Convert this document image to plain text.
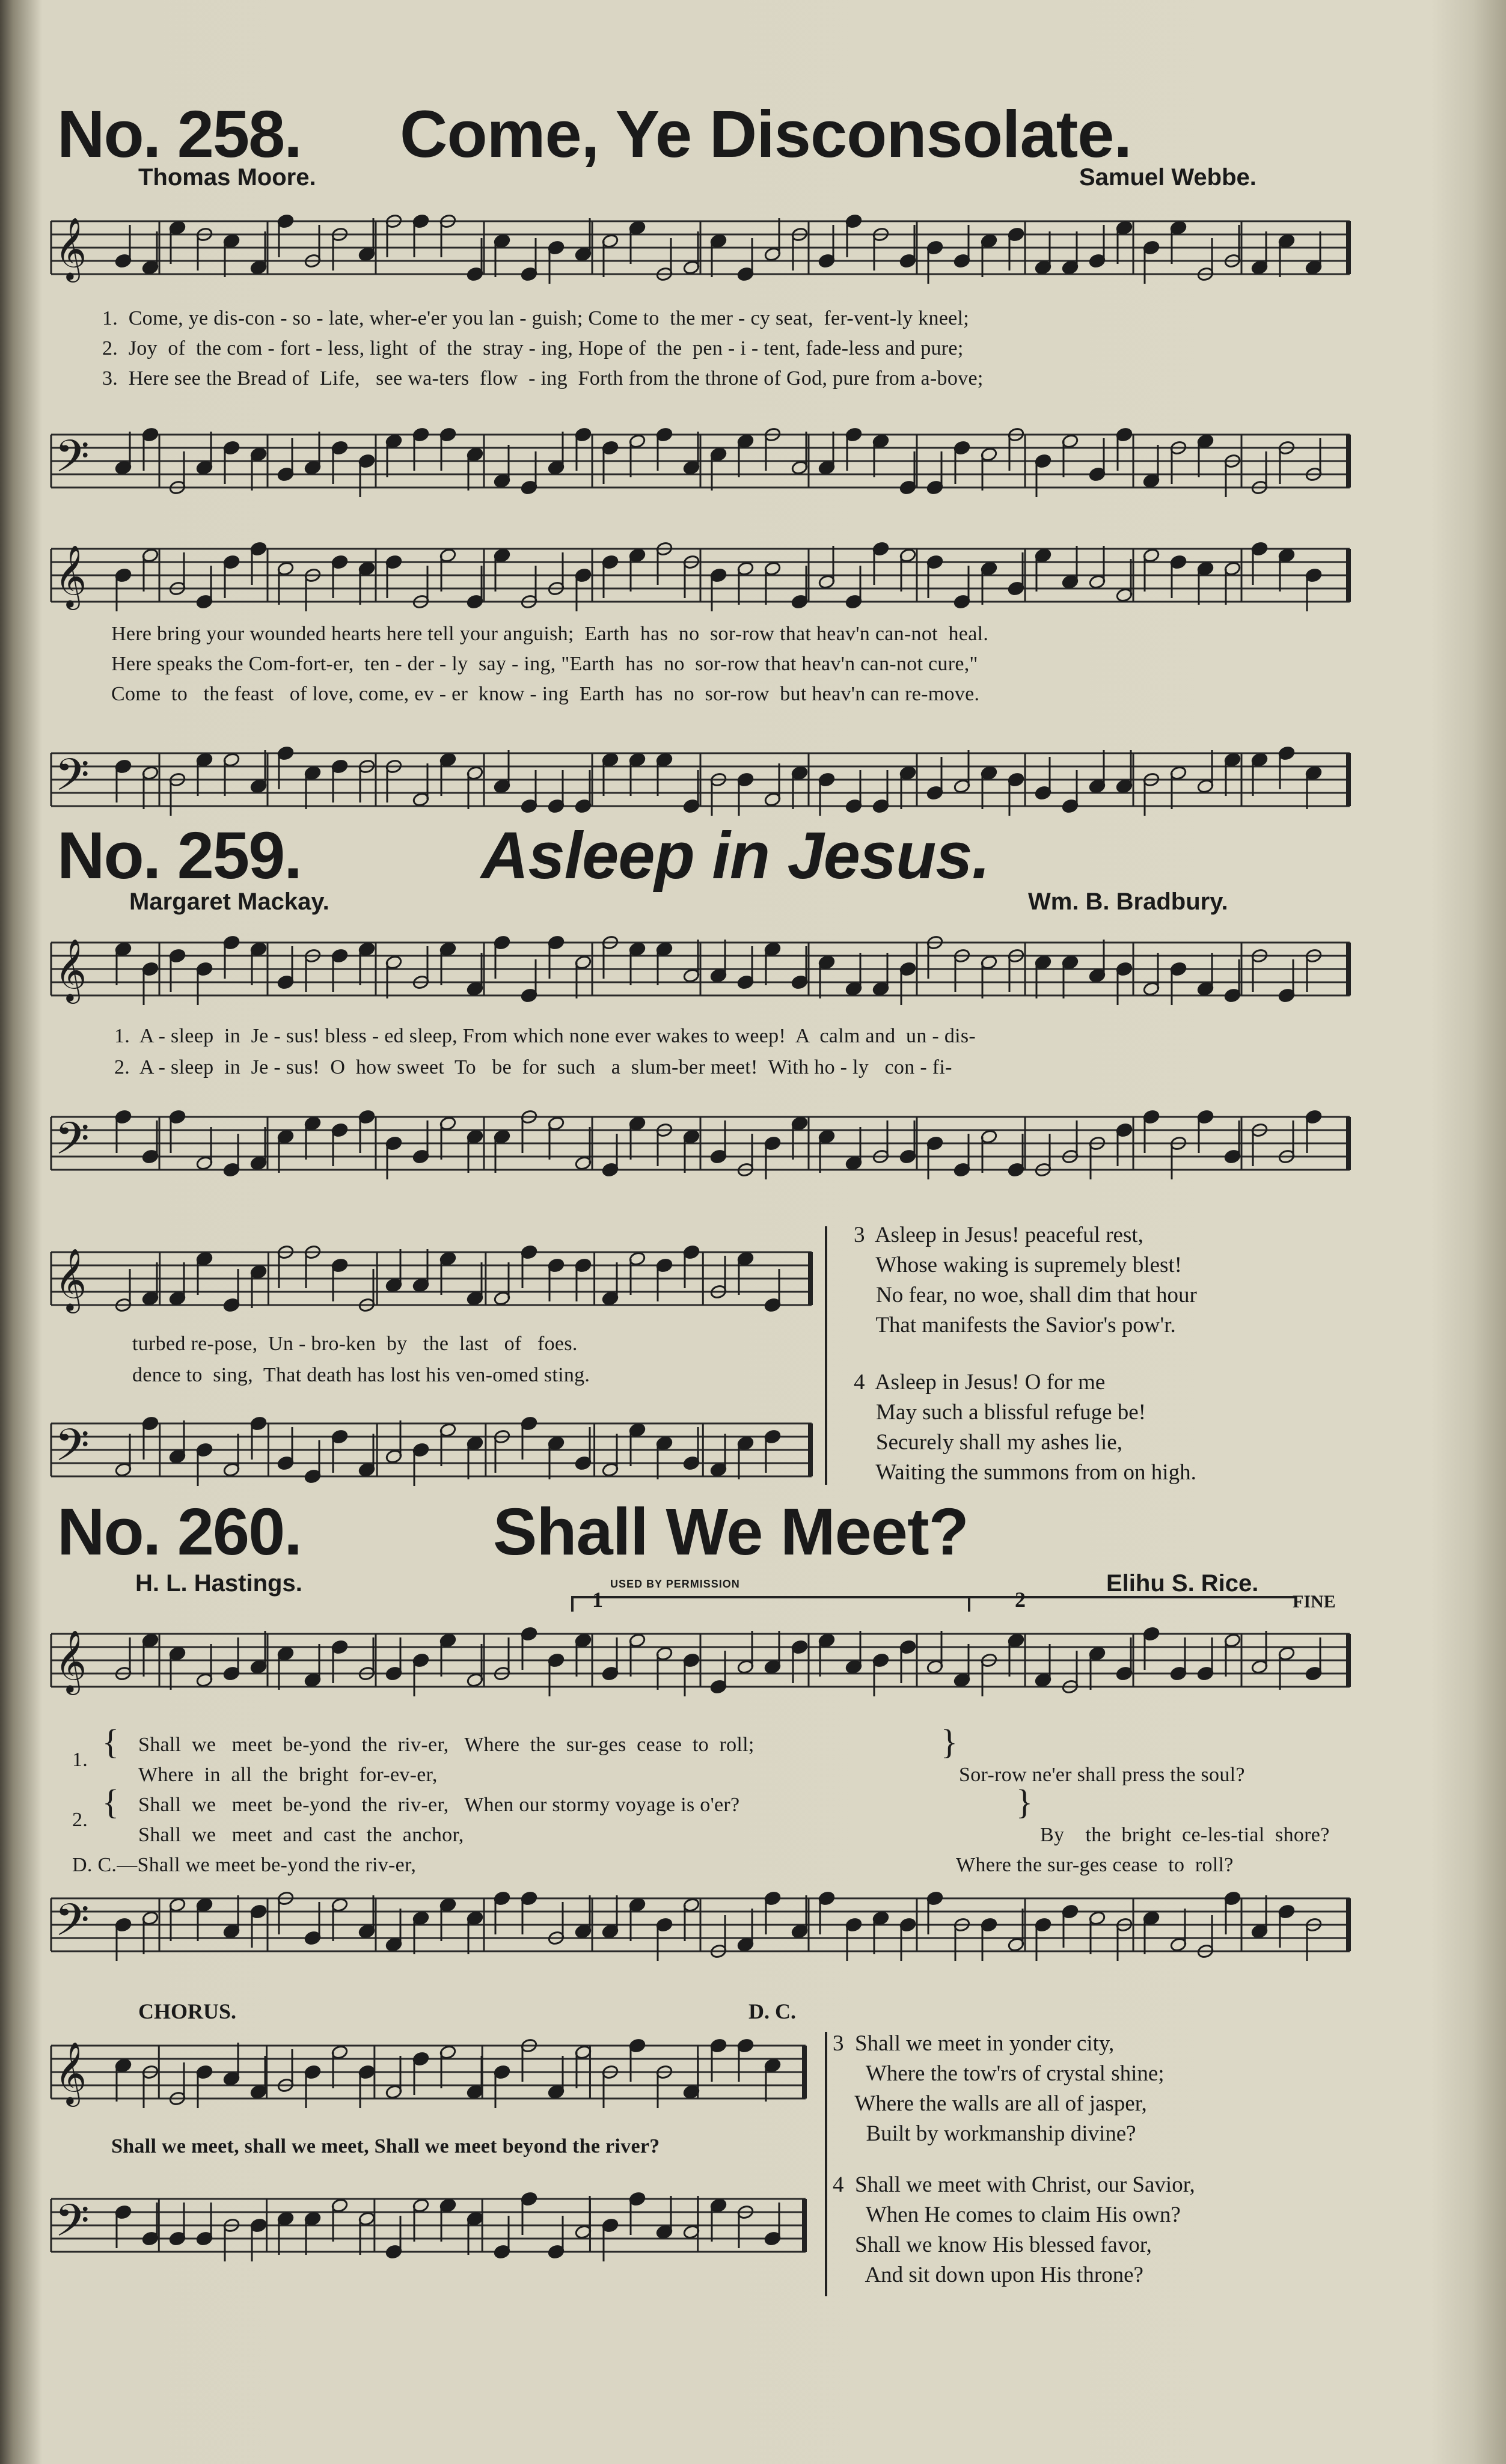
No. 258. Come, Ye Disconsolate.
Thomas Moore.	Samuel Webbe.
𝄞
1.  Come, ye dis-con - so - late, wher-e'er you lan - guish; Come to  the mer - cy seat,  fer-vent-ly kneel;
2.  Joy  of  the com - fort - less, light  of  the  stray - ing, Hope of  the  pen - i - tent, fade-less and pure;
3.  Here see the Bread of  Life,   see wa-ters  flow  - ing  Forth from the throne of God, pure from a-bove;
𝄢
𝄞
Here bring your wounded hearts here tell your anguish;  Earth  has  no  sor-row that heav'n can-not  heal.
Here speaks the Com-fort-er,  ten - der - ly  say - ing, "Earth  has  no  sor-row that heav'n can-not cure,"
Come  to   the feast   of love, come, ev - er  know - ing  Earth  has  no  sor-row  but heav'n can re-move.
𝄢
No. 259.	Asleep in Jesus.
Margaret Mackay.	Wm. B. Bradbury.
𝄞
1.  A - sleep  in  Je - sus! bless - ed sleep, From which none ever wakes to weep!  A  calm and  un - dis-
2.  A - sleep  in  Je - sus!  O  how sweet  To   be  for  such   a  slum-ber meet!  With ho - ly   con - fi-
𝄢
𝄞
turbed re-pose,  Un - bro-ken  by   the  last   of   foes.
dence to  sing,  That death has lost his ven-omed sting.
𝄢
3  Asleep in Jesus! peaceful rest,
Whose waking is supremely blest!
No fear, no woe, shall dim that hour
That manifests the Savior's pow'r.
4  Asleep in Jesus! O for me
May such a blissful refuge be!
Securely shall my ashes lie,
Waiting the summons from on high.
No. 260.	Shall We Meet?
H. L. Hastings.	USED BY PERMISSION	Elihu S. Rice.
1	2	FINE
𝄞
1. { Shall  we   meet  be-yond  the  riv-er,   Where  the  sur-ges  cease  to  roll;
Where  in  all  the  bright  for-ev-er,
}
Sor-row ne'er shall press the soul?
2. { Shall  we   meet  be-yond  the  riv-er,   When our stormy voyage is o'er?
Shall  we   meet  and  cast  the  anchor,
}
By    the  bright  ce-les-tial  shore?
D. C.—Shall we meet be-yond the riv-er,	Where the sur-ges cease  to  roll?
𝄢
CHORUS.	D. C.
𝄞
Shall we meet, shall we meet, Shall we meet beyond the river?
𝄢
3  Shall we meet in yonder city,
Where the tow'rs of crystal shine;
Where the walls are all of jasper,
Built by workmanship divine?
4  Shall we meet with Christ, our Savior,
When He comes to claim His own?
Shall we know His blessed favor,
And sit down upon His throne?
